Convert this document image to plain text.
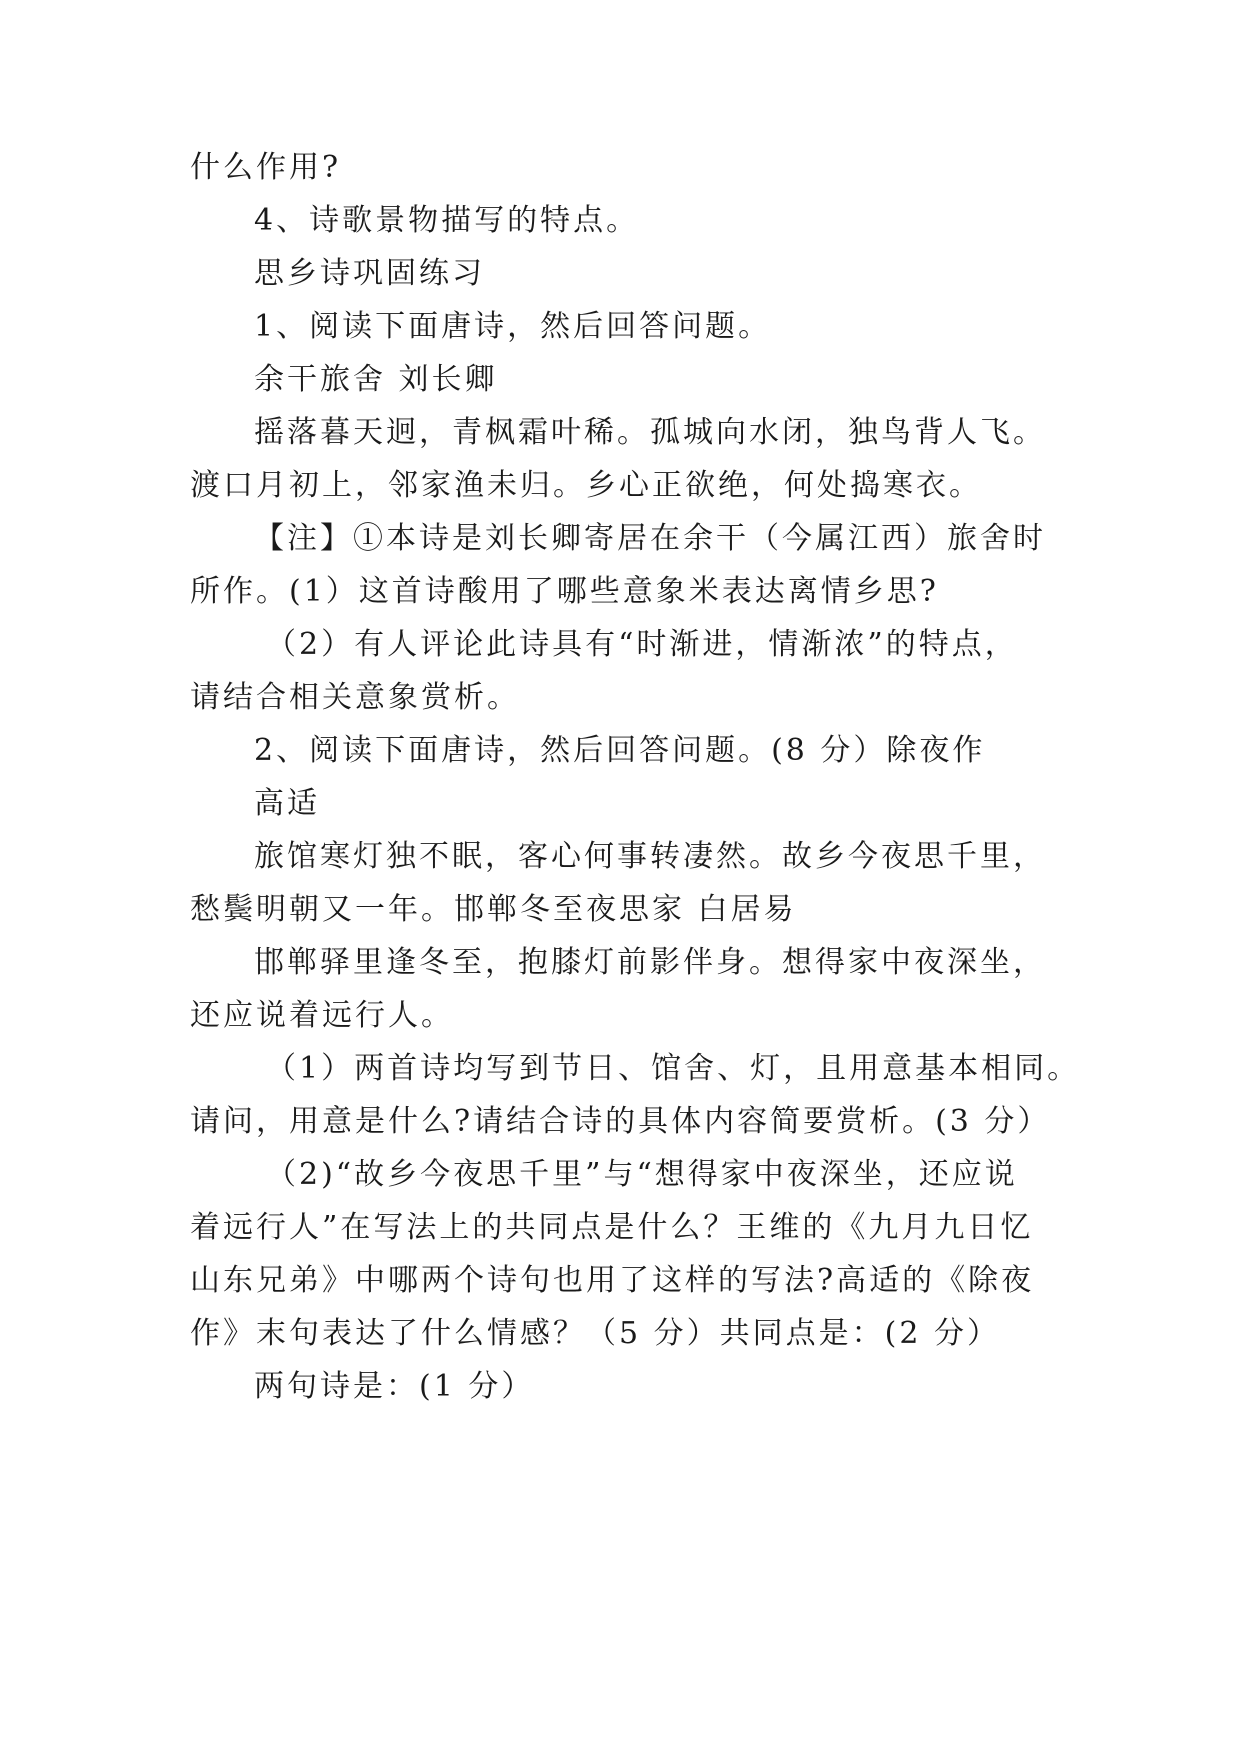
什么作用?
4、诗歌景物描写的特点。
思乡诗巩固练习
1、阅读下面唐诗，然后回答问题。
余干旅舍 刘长卿
摇落暮天迥，青枫霜叶稀。孤城向水闭，独鸟背人飞。
渡口月初上，邻家渔未归。乡心正欲绝，何处捣寒衣。
【注】①本诗是刘长卿寄居在余干（今属江西）旅舍时
所作。(1）这首诗酸用了哪些意象米表达离情乡思?
（2）有人评论此诗具有“时渐进，情渐浓”的特点，
请结合相关意象赏析。
2、阅读下面唐诗，然后回答问题。(8 分）除夜作
高适
旅馆寒灯独不眠，客心何事转凄然。故乡今夜思千里，
愁鬓明朝又一年。邯郸冬至夜思家 白居易
邯郸驿里逢冬至，抱膝灯前影伴身。想得家中夜深坐，
还应说着远行人。
（1）两首诗均写到节日、馆舍、灯，且用意基本相同。
请问，用意是什么?请结合诗的具体内容简要赏析。(3 分）
（2)“故乡今夜思千里”与“想得家中夜深坐，还应说
着远行人”在写法上的共同点是什么？王维的《九月九日忆
山东兄弟》中哪两个诗句也用了这样的写法?高适的《除夜
作》末句表达了什么情感？（5 分）共同点是：(2 分）
两句诗是：(1 分）
